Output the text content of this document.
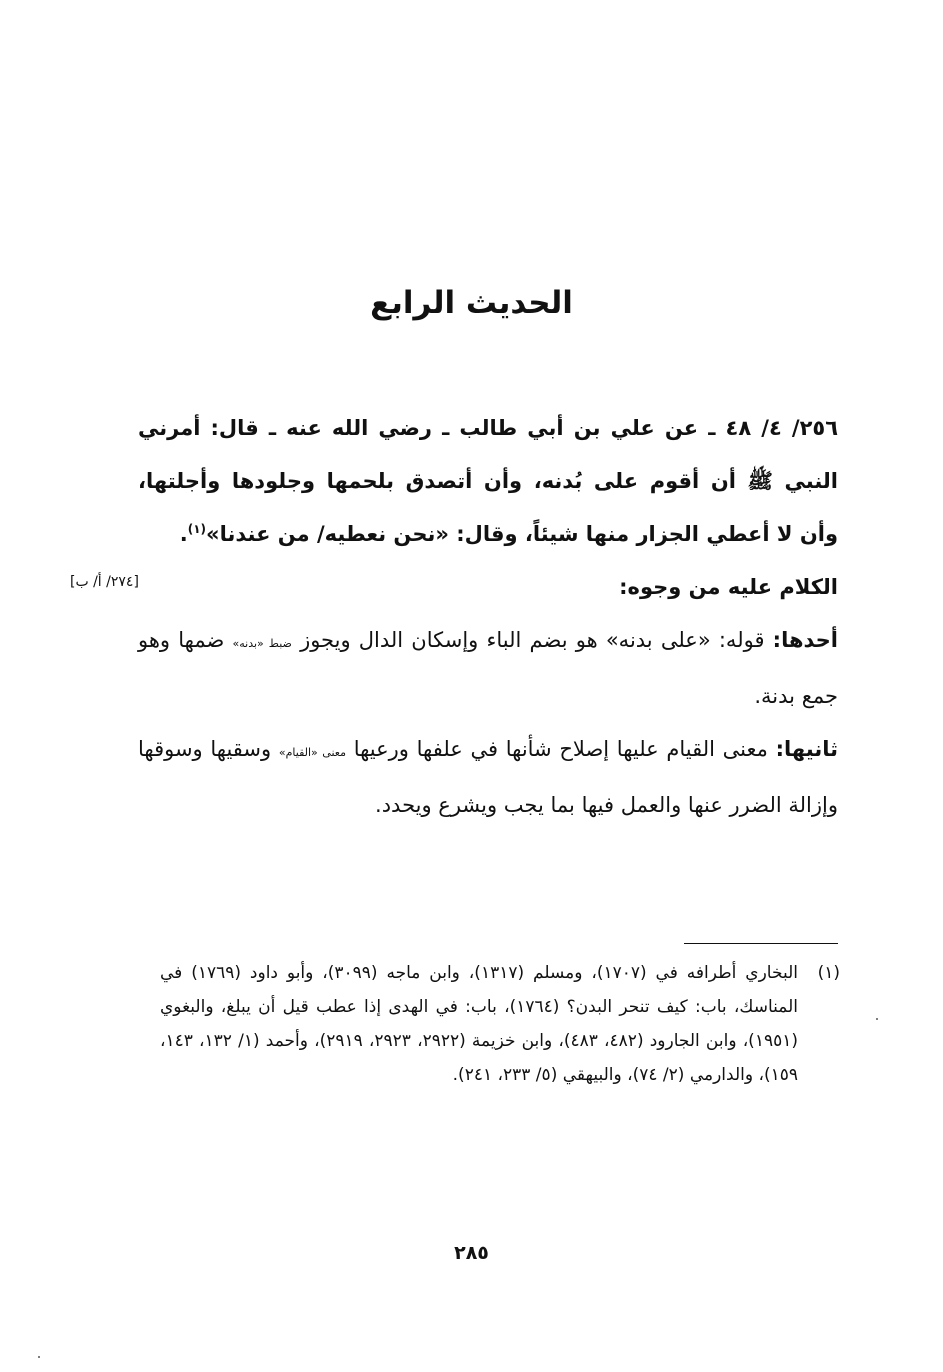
الحديث الرابع

٢٥٦/ ٤/ ٤٨ ـ عن علي بن أبي طالب ـ رضي الله عنه ـ قال: أمرني النبي ﷺ أن أقوم على بُدنه، وأن أتصدق بلحمها وجلودها وأجلتها، وأن لا أعطي الجزار منها شيئاً، وقال: «نحن نعطيه/ من عندنا»$^{(١)}$.

الكلام عليه من وجوه:

أحدها: قوله: «على بدنه» هو بضم الباء وإسكان الدال ويجوز ضبط «بدنه» ضمها وهو جمع بدنة.

ثانيها: معنى القيام عليها إصلاح شأنها في علفها ورعيها معنى «القيام» وسقيها وسوقها وإزالة الضرر عنها والعمل فيها بما يجب ويشرع ويحدد.

[٢٧٤/ أ/ ب]

(١)
البخاري أطرافه في (١٧٠٧)، ومسلم (١٣١٧)، وابن ماجه (٣٠٩٩)، وأبو داود (١٧٦٩) في المناسك، باب: كيف تنحر البدن؟ (١٧٦٤)، باب: في الهدى إذا عطب قيل أن يبلغ، والبغوي (١٩٥١)، وابن الجارود (٤٨٢، ٤٨٣)، وابن خزيمة (٢٩٢٢، ٢٩٢٣، ٢٩١٩)، وأحمد (١/ ١٣٢، ١٤٣، ١٥٩)، والدارمي (٢/ ٧٤)، والبيهقي (٥/ ٢٣٣، ٢٤١).

٢٨٥
